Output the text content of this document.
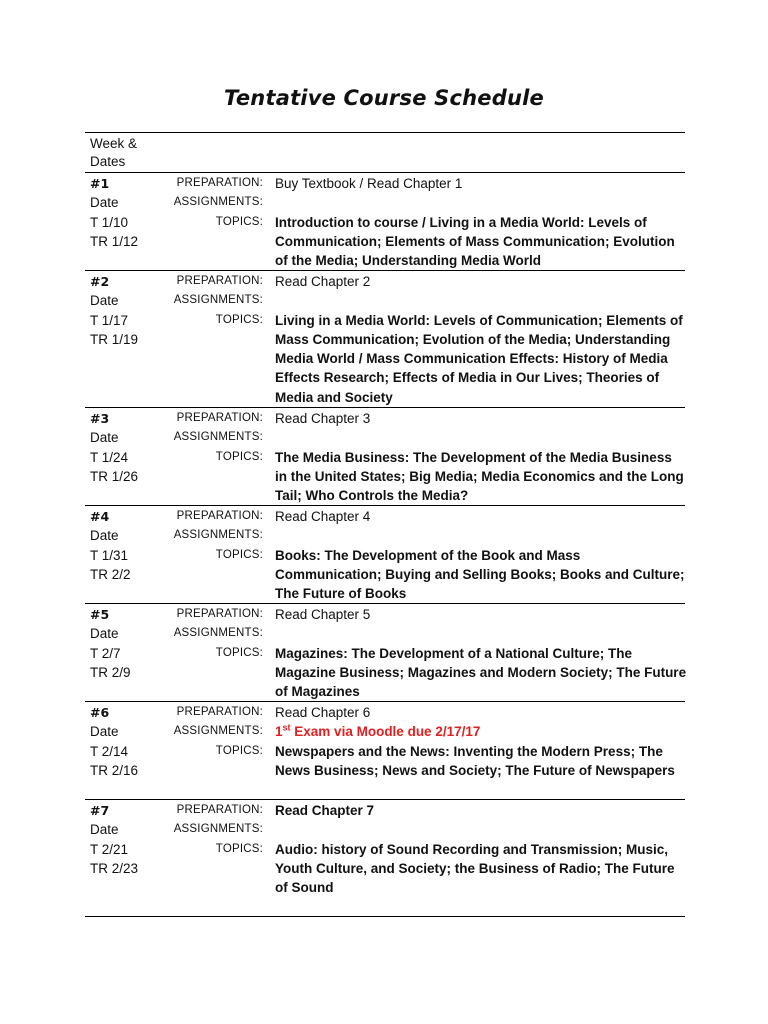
Tentative Course Schedule
Week &
Dates
#1
Date
T 1/10
TR 1/12
PREPARATION:
ASSIGNMENTS:
TOPICS:
Buy Textbook / Read Chapter 1
Introduction to course / Living in a Media World: Levels of Communication; Elements of Mass Communication; Evolution of the Media; Understanding Media World
#2
Date
T 1/17
TR 1/19
PREPARATION:
ASSIGNMENTS:
TOPICS:
Read Chapter 2
Living in a Media World: Levels of Communication; Elements of Mass Communication; Evolution of the Media; Understanding Media World / Mass Communication Effects: History of Media Effects Research; Effects of Media in Our Lives; Theories of Media and Society
#3
Date
T 1/24
TR 1/26
PREPARATION:
ASSIGNMENTS:
TOPICS:
Read Chapter 3
The Media Business: The Development of the Media Business in the United States; Big Media; Media Economics and the Long Tail; Who Controls the Media?
#4
Date
T 1/31
TR 2/2
PREPARATION:
ASSIGNMENTS:
TOPICS:
Read Chapter 4
Books: The Development of the Book and Mass Communication; Buying and Selling Books; Books and Culture; The Future of Books
#5
Date
T 2/7
TR 2/9
PREPARATION:
ASSIGNMENTS:
TOPICS:
Read Chapter 5
Magazines: The Development of a National Culture; The Magazine Business; Magazines and Modern Society; The Future of Magazines
#6
Date
T 2/14
TR 2/16
PREPARATION:
ASSIGNMENTS:
TOPICS:
Read Chapter 6
1st Exam via Moodle due 2/17/17
Newspapers and the News: Inventing the Modern Press; The News Business; News and Society; The Future of Newspapers
#7
Date
T 2/21
TR 2/23
PREPARATION:
ASSIGNMENTS:
TOPICS:
Read Chapter 7
Audio: history of Sound Recording and Transmission; Music, Youth Culture, and Society; the Business of Radio; The Future of Sound
